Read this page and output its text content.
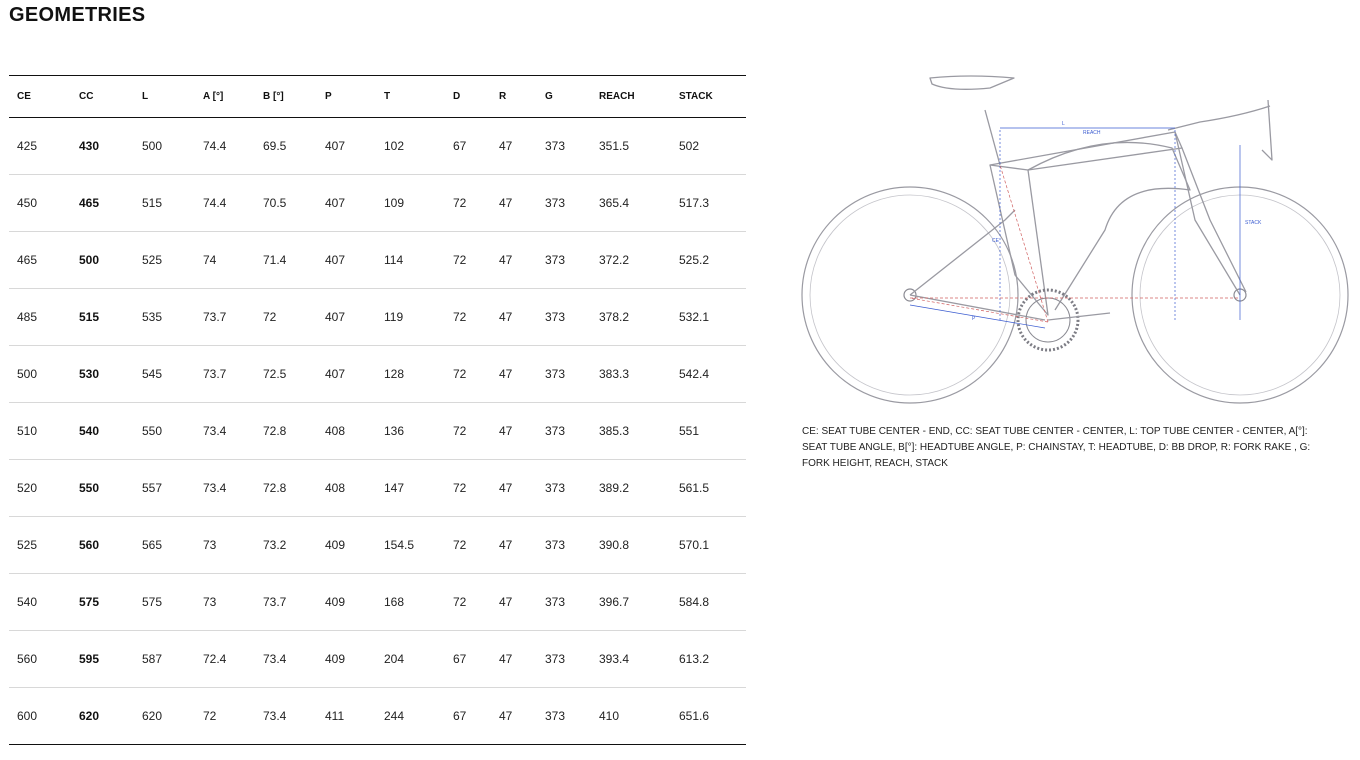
GEOMETRIES
CE	CC	L	A [°]	B [°]	P	T	D	R	G	REACH	STACK
425	430	500	74.4	69.5	407	102	67	47	373	351.5	502
450	465	515	74.4	70.5	407	109	72	47	373	365.4	517.3
465	500	525	74	71.4	407	114	72	47	373	372.2	525.2
485	515	535	73.7	72	407	119	72	47	373	378.2	532.1
500	530	545	73.7	72.5	407	128	72	47	373	383.3	542.4
510	540	550	73.4	72.8	408	136	72	47	373	385.3	551
520	550	557	73.4	72.8	408	147	72	47	373	389.2	561.5
525	560	565	73	73.2	409	154.5	72	47	373	390.8	570.1
540	575	575	73	73.7	409	168	72	47	373	396.7	584.8
560	595	587	72.4	73.4	409	204	67	47	373	393.4	613.2
600	620	620	72	73.4	411	244	67	47	373	410	651.6
REACH
L
STACK
CE
P
CE: SEAT TUBE CENTER - END, CC: SEAT TUBE CENTER - CENTER, L: TOP TUBE CENTER - CENTER, A[°]: SEAT TUBE ANGLE, B[°]: HEADTUBE ANGLE, P: CHAINSTAY, T: HEADTUBE, D: BB DROP, R: FORK RAKE , G: FORK HEIGHT, REACH, STACK
